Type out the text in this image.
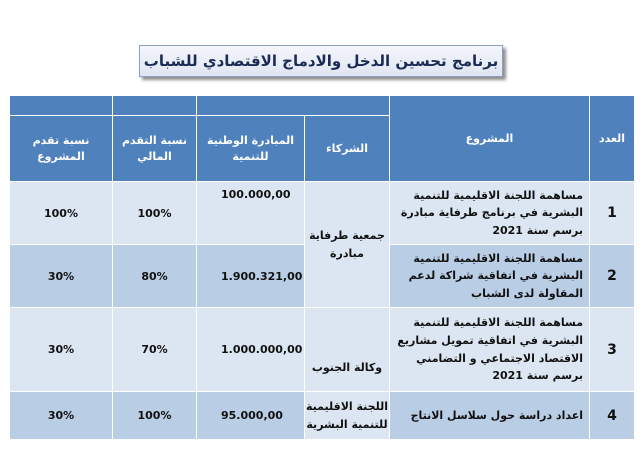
برنامج تحسين الدخل والادماج الاقتصادي للشباب
العدد	المشروع				
		الشركاء	المبادرة الوطنية للتنمية	نسبة التقدم المالي	نسبة تقدم المشروع
1	مساهمة اللجنة الاقليمية للتنمية البشرية في برنامج طرفاية مبادرة برسم سنة 2021	جمعية طرفاية مبادرة	100.000,00	100%	100%
2	مساهمة اللجنة الاقليمية للتنمية البشرية في اتفاقية شراكة لدعم المقاولة لدى الشباب		1.900.321,00	80%	30%
3	مساهمة اللجنة الاقليمية للتنمية البشرية في اتفاقية تمويل مشاريع الاقتصاد الاجتماعي و التضامني برسم سنة 2021	وكالة الجنوب	1.000.000,00	70%	30%
4	اعداد دراسة حول سلاسل الانتاج	اللجنة الاقليمية للتنمية البشرية	95.000,00	100%	30%
